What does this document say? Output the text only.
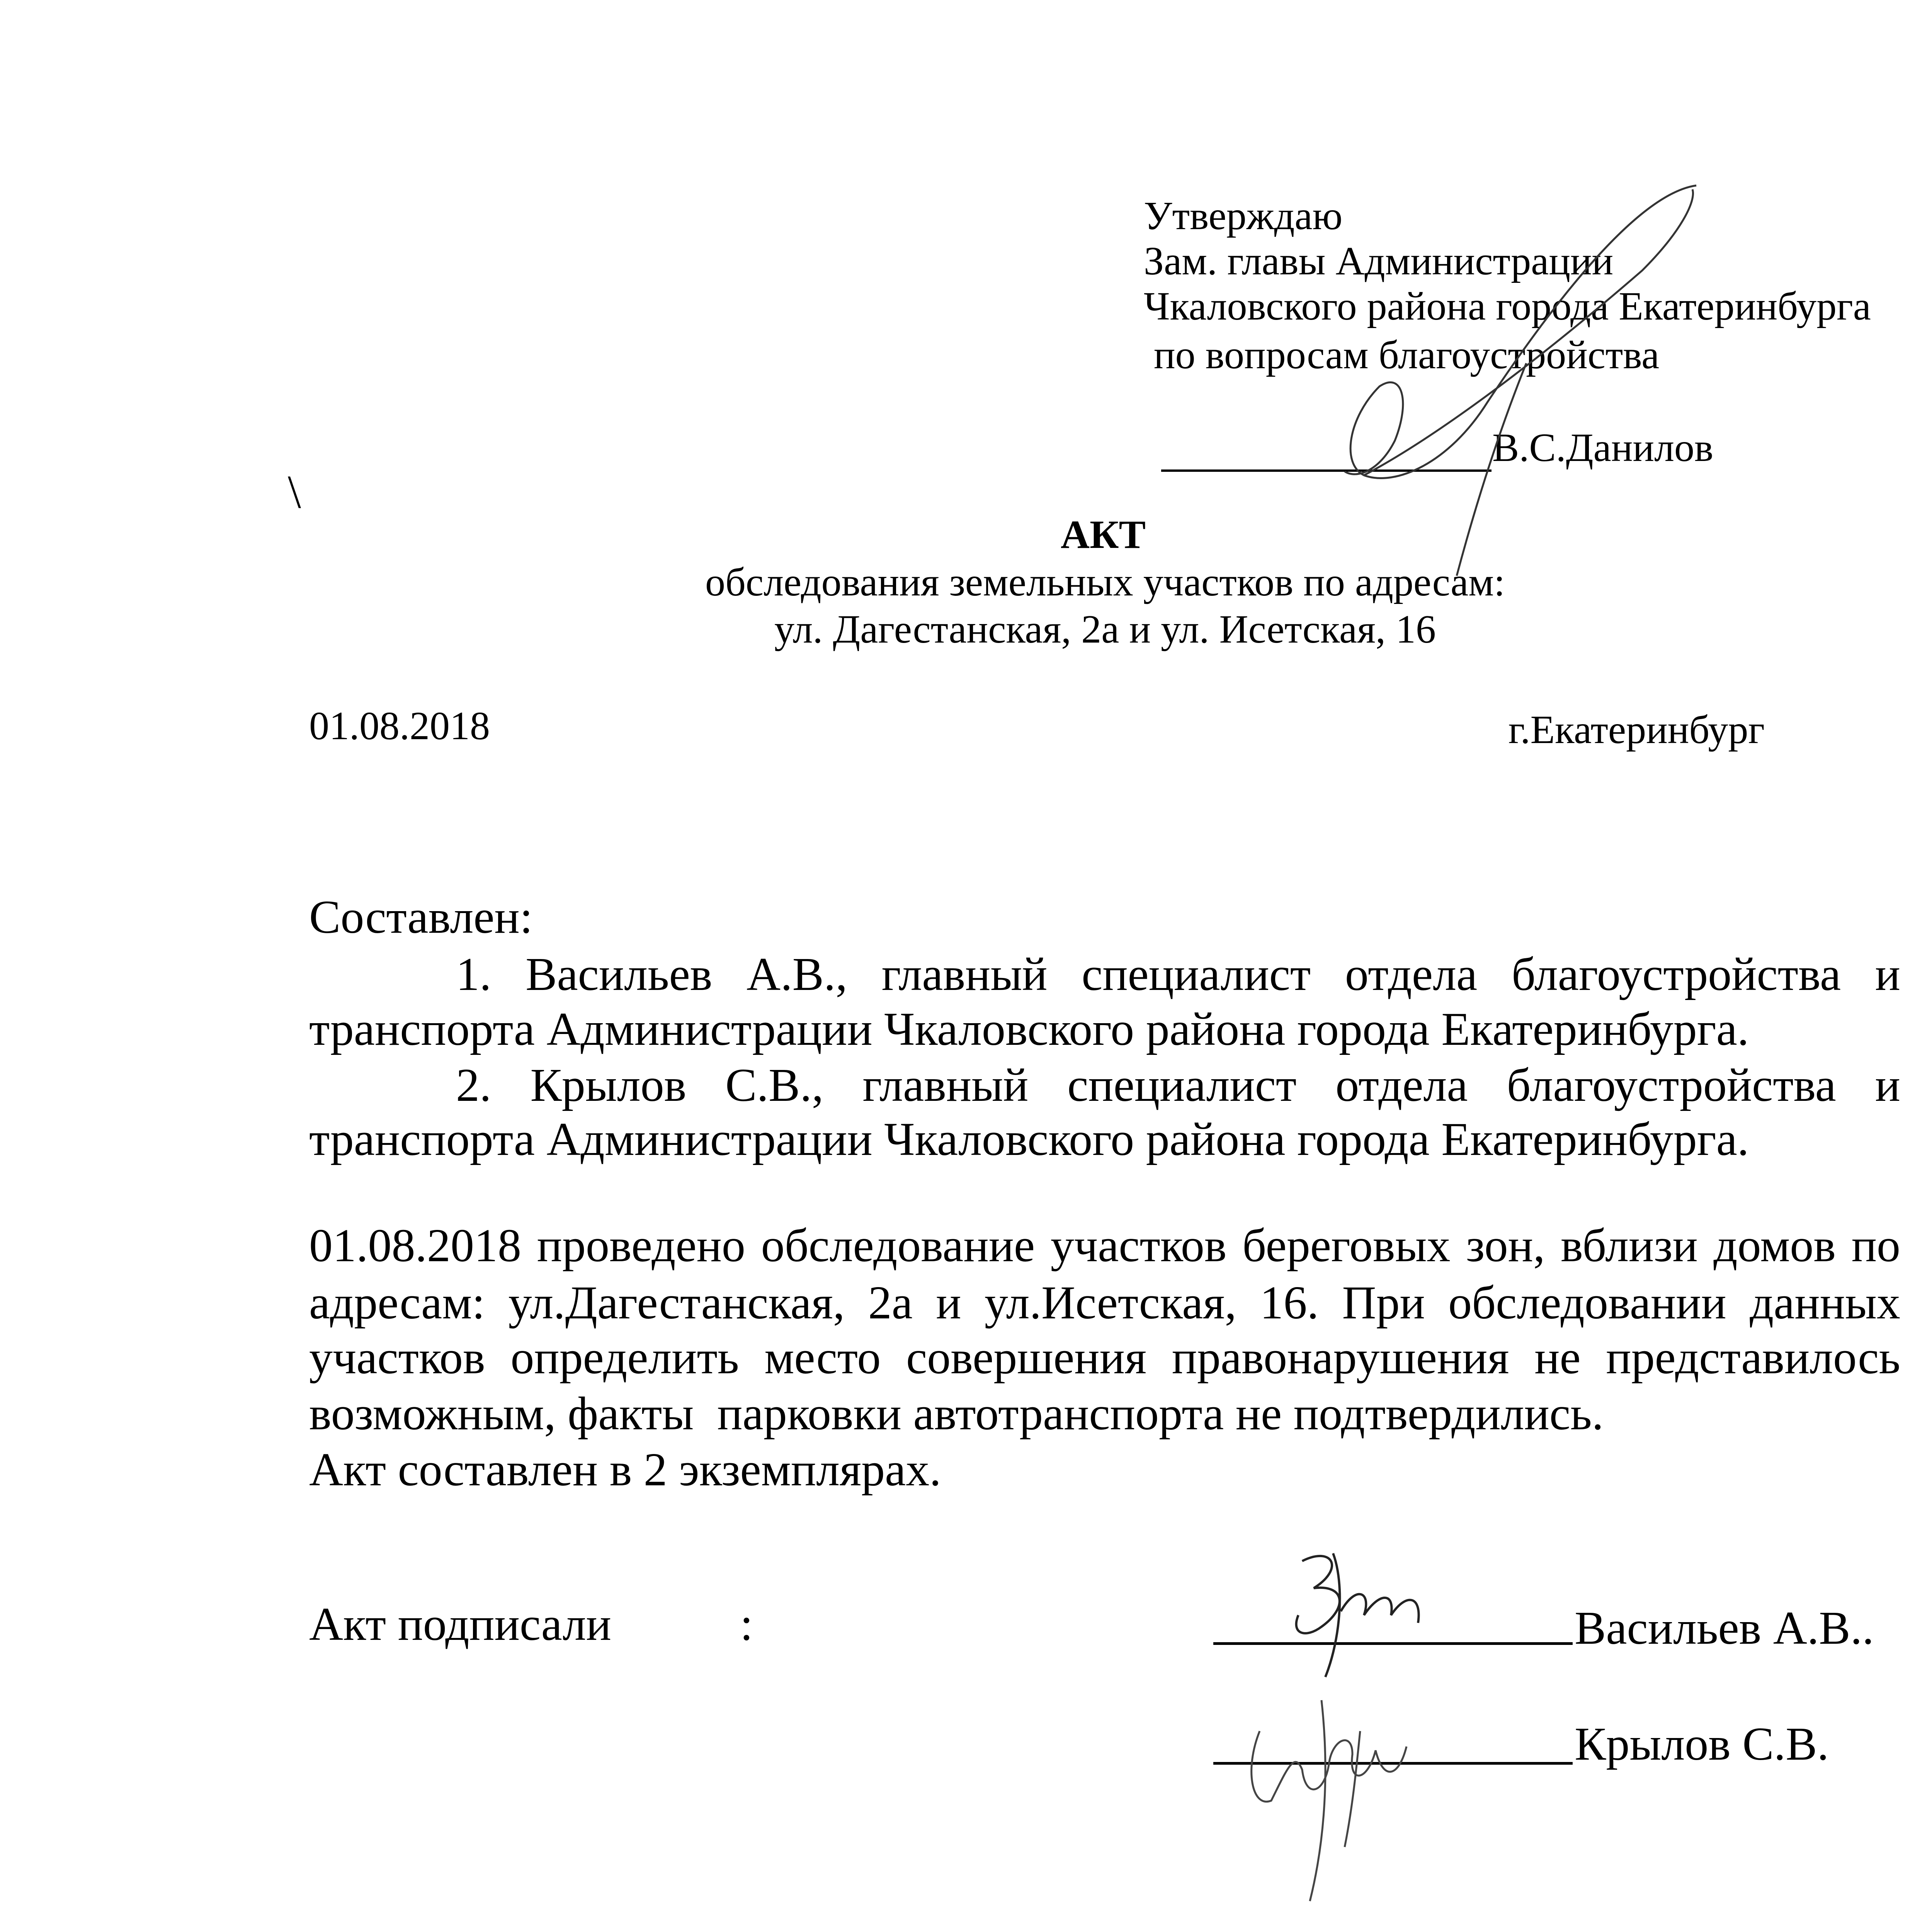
Утверждаю
Зам. главы Администрации
Чкаловского района города Екатеринбурга
по вопросам благоустройства
В.С.Данилов
\
АКТ
обследования земельных участков по адресам:
ул. Дагестанская, 2а и ул. Исетская, 16
01.08.2018	г.Екатеринбург
Составлен:
1. Васильев А.В., главный специалист отдела благоустройства и
транспорта Администрации Чкаловского района города Екатеринбурга.
2. Крылов С.В., главный специалист отдела благоустройства и
транспорта Администрации Чкаловского района города Екатеринбурга.
01.08.2018 проведено обследование участков береговых зон, вблизи домов по
адресам: ул.Дагестанская, 2а и ул.Исетская, 16. При обследовании данных
участков определить место совершения правонарушения не представилось
возможным, факты  парковки автотранспорта не подтвердились.
Акт составлен в 2 экземплярах.
Акт подписали	:	Васильев А.В..
Крылов С.В.
